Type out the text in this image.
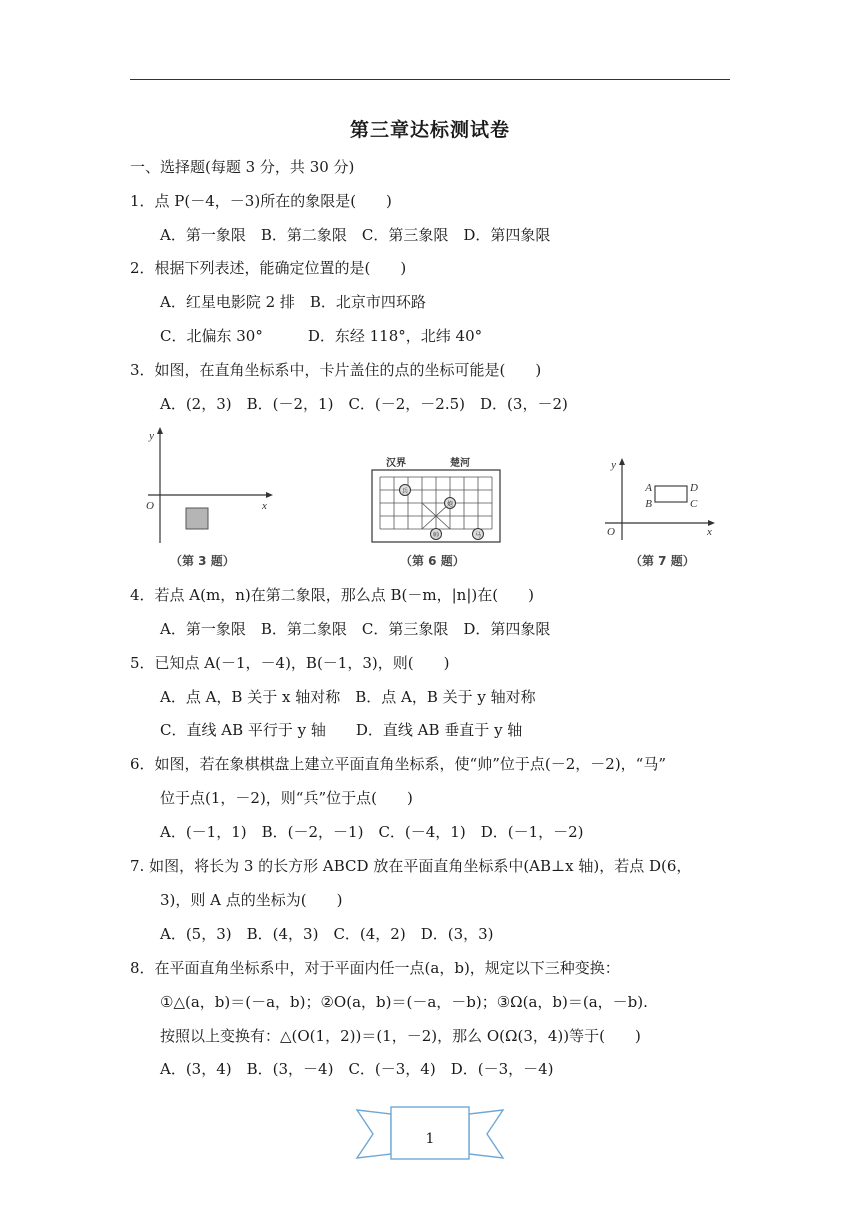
第三章达标测试卷
一、选择题(每题 3 分，共 30 分)
1．点 P(－4，－3)所在的象限是(　　)
A．第一象限　B．第二象限　C．第三象限　D．第四象限
2．根据下列表述，能确定位置的是(　　)
A．红星电影院 2 排　B．北京市四环路
C．北偏东 30°　　　D．东经 118°，北纬 40°
3．如图，在直角坐标系中，卡片盖住的点的坐标可能是(　　)
A．(2，3)　B．(－2，1)　C．(－2，－2.5)　D．(3，－2)
y
x
O
（第 3 题）
汉界	楚河
兵
炮
帅	马
（第 6 题）
y
x
O
A
B	C
D
（第 7 题）
4．若点 A(m，n)在第二象限，那么点 B(－m，|n|)在(　　)
A．第一象限　B．第二象限　C．第三象限　D．第四象限
5．已知点 A(－1，－4)，B(－1，3)，则(　　)
A．点 A，B 关于 x 轴对称　B．点 A，B 关于 y 轴对称
C．直线 AB 平行于 y 轴　　D．直线 AB 垂直于 y 轴
6．如图，若在象棋棋盘上建立平面直角坐标系，使“帅”位于点(－2，－2)，“马”
位于点(1，－2)，则“兵”位于点(　　)
A．(－1，1)　B．(－2，－1)　C．(－4，1)　D．(－1，－2)
7. 如图，将长为 3 的长方形 ABCD 放在平面直角坐标系中(AB⊥x 轴)，若点 D(6，
3)，则 A 点的坐标为(　　)
A．(5，3)　B．(4，3)　C．(4，2)　D．(3，3)
8．在平面直角坐标系中，对于平面内任一点(a，b)，规定以下三种变换：
①△(a，b)＝(－a，b)；②O(a，b)＝(－a，－b)；③Ω(a，b)＝(a，－b).
按照以上变换有：△(O(1，2))＝(1，－2)，那么 O(Ω(3，4))等于(　　)
A．(3，4)　B．(3，－4)　C．(－3，4)　D．(－3，－4)
1
